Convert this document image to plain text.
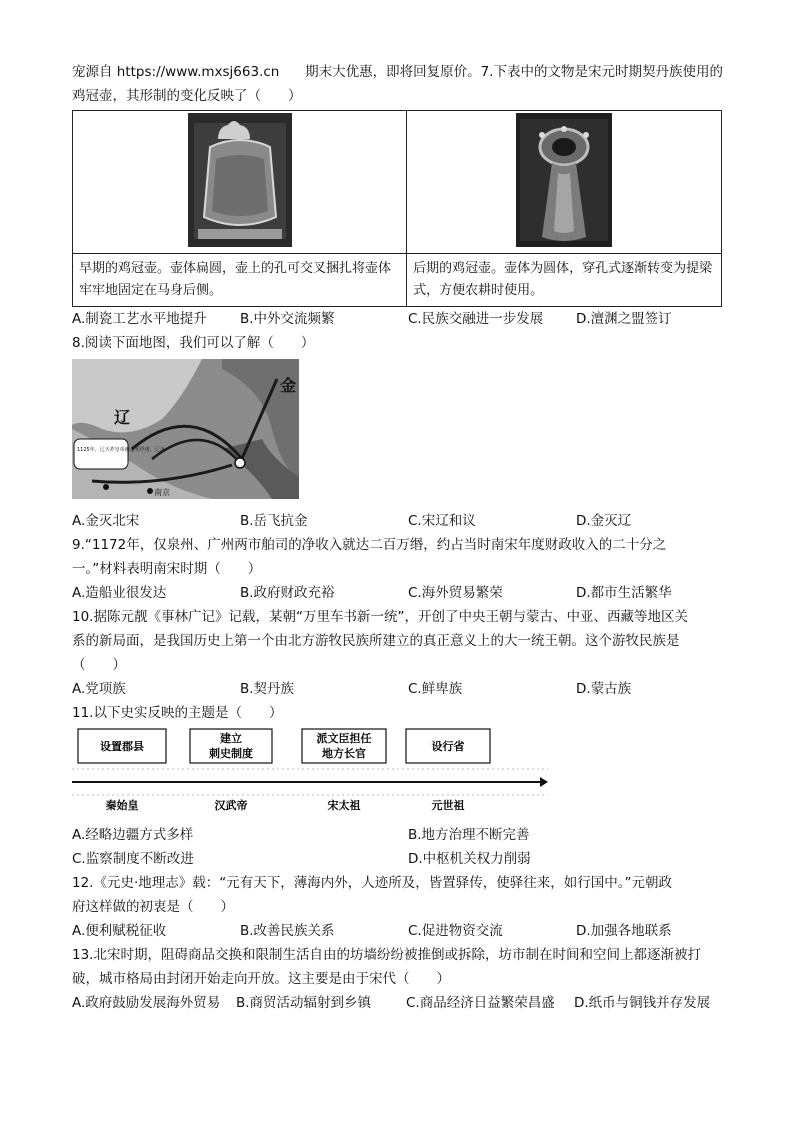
宠源自 https://www.mxsj663.cn 期末大优惠，即将回复原价。7.下表中的文物是宋元时期契丹族使用的
鸡冠壶，其形制的变化反映了（　　）

早期的鸡冠壶。壶体扁圆，壶上的孔可交叉捆扎将壶体牢牢地固定在马身后侧。	后期的鸡冠壶。壶体为圆体，穿孔式逐渐转变为提梁式，方便农耕时使用。
A.制瓷工艺水平地提升	B.中外交流频繁	C.民族交融进一步发展	D.澶渊之盟签订
8.阅读下面地图，我们可以了解（　　）
辽
金
1125年，辽天祚皇帝被金军俘虏，辽灭
南京
A.金灭北宋	B.岳飞抗金	C.宋辽和议	D.金灭辽
9.“1172年，仅泉州、广州两市舶司的净收入就达二百万缗，约占当时南宋年度财政收入的二十分之
一。”材料表明南宋时期（　　）
A.造船业很发达	B.政府财政充裕	C.海外贸易繁荣	D.都市生活繁华
10.据陈元靓《事林广记》记载，某朝“万里车书新一统”，开创了中央王朝与蒙古、中亚、西藏等地区关
系的新局面，是我国历史上第一个由北方游牧民族所建立的真正意义上的大一统王朝。这个游牧民族是
（　　）
A.党项族	B.契丹族	C.鲜卑族	D.蒙古族
11.以下史实反映的主题是（　　）
设置郡县
建立
刺史制度
派文臣担任
地方长官
设行省
秦始皇	汉武帝	宋太祖	元世祖
A.经略边疆方式多样	B.地方治理不断完善
C.监察制度不断改进	D.中枢机关权力削弱
12.《元史·地理志》载：“元有天下，薄海内外，人迹所及，皆置驿传，使驿往来，如行国中。”元朝政
府这样做的初衷是（　　）
A.便利赋税征收	B.改善民族关系	C.促进物资交流	D.加强各地联系
13.北宋时期，阻碍商品交换和限制生活自由的坊墙纷纷被推倒或拆除，坊市制在时间和空间上都逐渐被打
破，城市格局由封闭开始走向开放。这主要是由于宋代（　　）
A.政府鼓励发展海外贸易	B.商贸活动辐射到乡镇	C.商品经济日益繁荣昌盛	D.纸币与铜钱并存发展
